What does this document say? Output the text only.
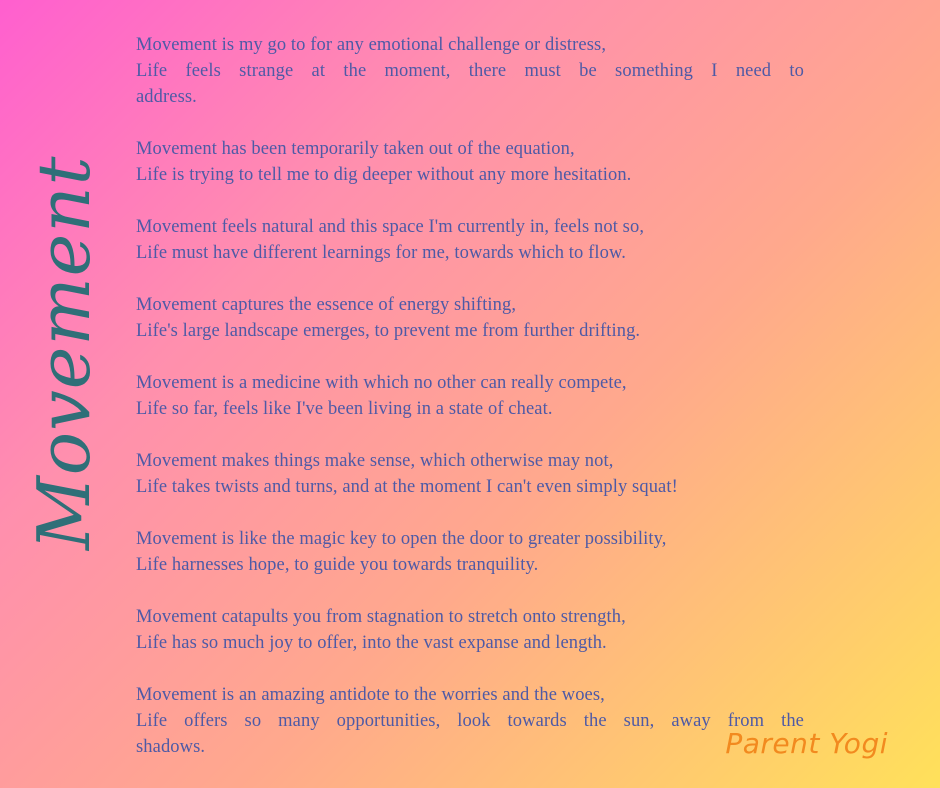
Movement
Movement is my go to for any emotional challenge or distress,
Life feels strange at the moment, there must be something I need to
address.
Movement has been temporarily taken out of the equation,
Life is trying to tell me to dig deeper without any more hesitation.
Movement feels natural and this space I'm currently in, feels not so,
Life must have different learnings for me, towards which to flow.
Movement captures the essence of energy shifting,
Life's large landscape emerges, to prevent me from further drifting.
Movement is a medicine with which no other can really compete,
Life so far, feels like I've been living in a state of cheat.
Movement makes things make sense, which otherwise may not,
Life takes twists and turns, and at the moment I can't even simply squat!
Movement is like the magic key to open the door to greater possibility,
Life harnesses hope, to guide you towards tranquility.
Movement catapults you from stagnation to stretch onto strength,
Life has so much joy to offer, into the vast expanse and length.
Movement is an amazing antidote to the worries and the woes,
Life offers so many opportunities, look towards the sun, away from the
shadows.	Parent Yogi
